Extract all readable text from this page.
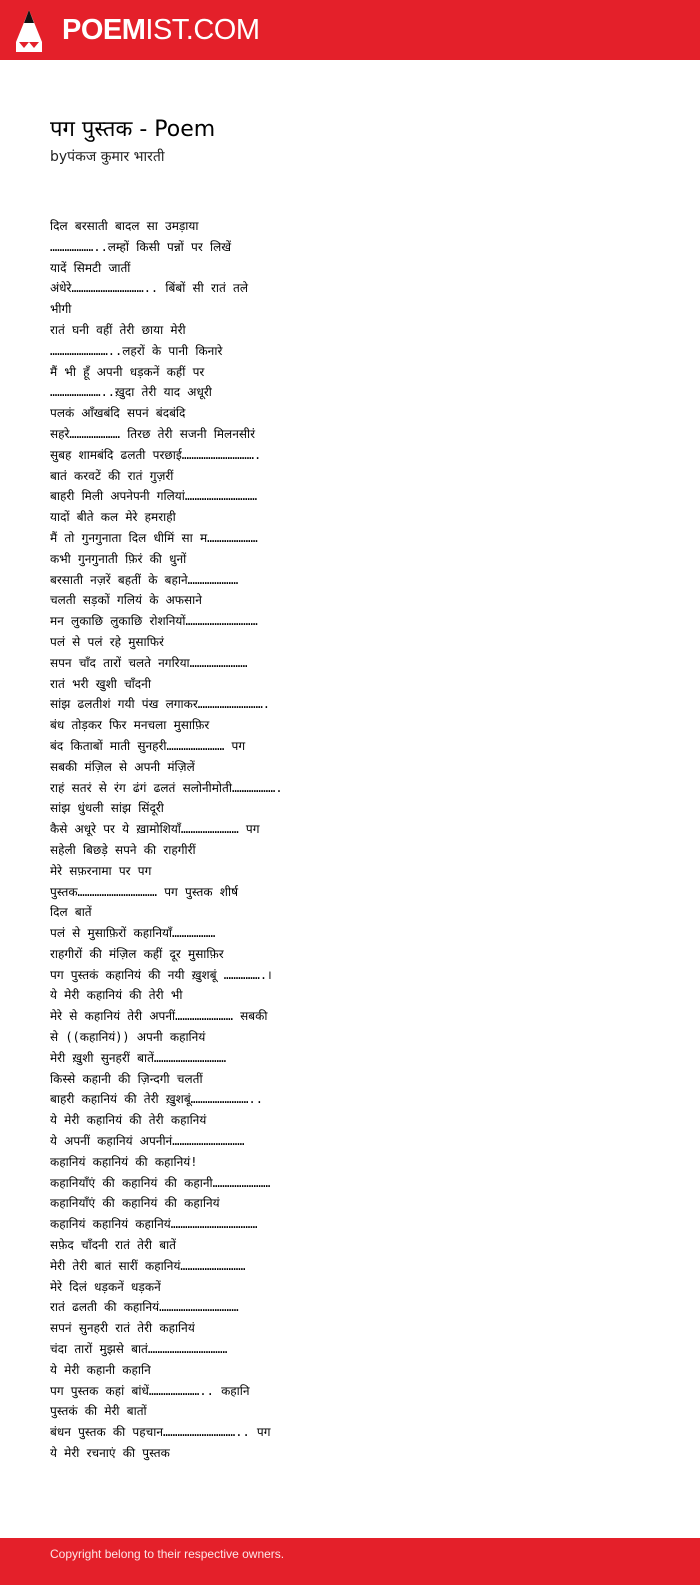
POEMIST.COM
पग पुस्तक - Poem
byपंकज कुमार भारती
दिल बरसाती बादल सा उमड़ाया
………………..लम्हों किसी पन्नों पर लिखें
यादें सिमटी जातीं
अंधेरे………………………….. बिंबों सी रातं तले
भीगी
रातं घनी वहीं तेरी छाया मेरी
……………………..लहरों के पानी किनारे
मैं भी हूँ अपनी धड़कनें कहीं पर
…………………..ख़ुदा तेरी याद अधूरी
पलकं आँखबंदि सपनं बंदबंदि
सहरे………………… तिरछ तेरी सजनी मिलनसीरं
सुबह शामबंदि ढलती परछाई………………………….
बातं करवटें की रातं गुज़रीं
बाहरी मिली अपनेपनी गलियां…………………………
यादों बीते कल मेरे हमराही
मैं तो गुनगुनाता दिल धीमिं सा म…………………
कभी गुनगुनाती फ़िरं की धुनों
बरसाती नज़रें बहतीं के बहाने…………………
चलती सड़कों गलियं के अफसाने
मन लुकाछि लुकाछि रोशनियों…………………………
पलं से पलं रहे मुसाफिरं
सपन चाँद तारों चलते नगरिया……………………
रातं भरी खुशी चाँदनी
सांझ ढलतीशं गयी पंख लगाकर……………………….
बंध तोड़कर फिर मनचला मुसाफ़िर
बंद किताबों माती सुनहरी…………………… पग
सबकी मंज़िल से अपनी मंज़िलें
राहं सतरं से रंग ढंगं ढलतं सलोनीमोती……………….
सांझ धुंधली सांझ सिंदूरी
कैसे अधूरे पर ये ख़ामोशियाँ…………………… पग
सहेली बिछड़े सपने की राहगीरीं
मेरे सफ़रनामा पर पग
पुस्तक…………………………… पग पुस्तक शीर्ष
दिल बातें
पलं से मुसाफ़िरों कहानियाँ………………
राहगीरों की मंज़िल कहीं दूर मुसाफ़िर
पग पुस्तकं कहानियं की नयी ख़ुशबूं …………….।
ये मेरी कहानियं की तेरी भी
मेरे से कहानियं तेरी अपनीं…………………… सबकी
से ((कहानियं)) अपनी कहानियं
मेरी ख़ुशी सुनहरीं बातें…………………………
किस्से कहानी की ज़िन्दगी चलतीं
बाहरी कहानियं की तेरी ख़ुशबूं……………………..
ये मेरी कहानियं की तेरी कहानियं
ये अपनीं कहानियं अपनीनं…………………………
कहानियं कहानियं की कहानियं!
कहानियाँएं की कहानियं की कहानी……………………
कहानियाँएं की कहानियं की कहानियं
कहानियं कहानियं कहानियं………………………………
सफ़ेद चाँदनी रातं तेरी बातें
मेरी तेरी बातं सारीं कहानियं………………………
मेरे दिलं धड़कनें धड़कनें
रातं ढलती की कहानियं……………………………
सपनं सुनहरी रातं तेरी कहानियं
चंदा तारों मुझसे बातं……………………………
ये मेरी कहानी कहानि
पग पुस्तक कहां बांधें………………….. कहानि
पुस्तकं की मेरी बातों
बंधन पुस्तक की पहचान………………………….. पग
ये मेरी रचनाएं की पुस्तक
Copyright belong to their respective owners.
